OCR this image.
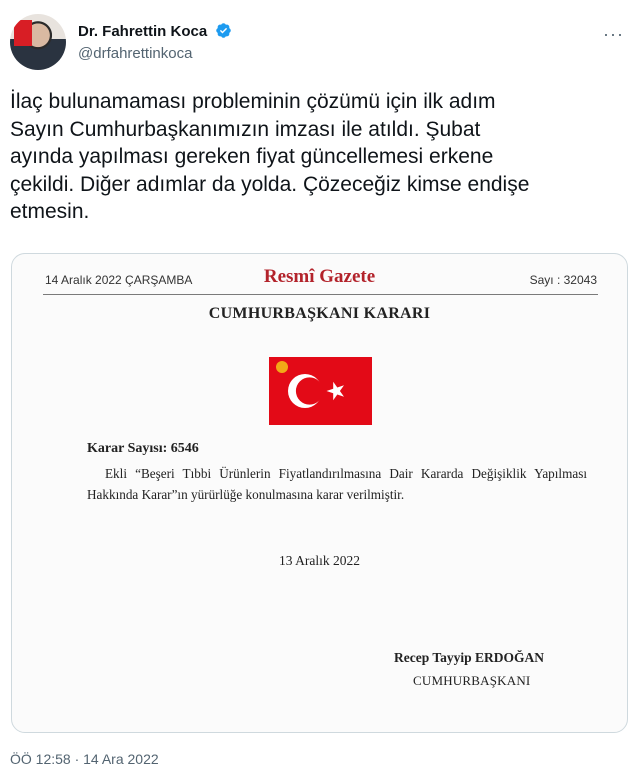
Dr. Fahrettin Koca
@drfahrettinkoca
···
İlaç bulunamaması probleminin çözümü için ilk adım
Sayın Cumhurbaşkanımızın imzası ile atıldı. Şubat
ayında yapılması gereken fiyat güncellemesi erkene
çekildi. Diğer adımlar da yolda. Çözeceğiz kimse endişe
etmesin.
14 Aralık 2022 ÇARŞAMBA	Resmî Gazete	Sayı : 32043
CUMHURBAŞKANI KARARI
Karar Sayısı: 6546
Ekli “Beşeri Tıbbi Ürünlerin Fiyatlandırılmasına Dair Kararda Değişiklik Yapılması Hakkında Karar”ın yürürlüğe konulmasına karar verilmiştir.
13 Aralık 2022
Recep Tayyip ERDOĞAN
CUMHURBAŞKANI
ÖÖ 12:58 · 14 Ara 2022
